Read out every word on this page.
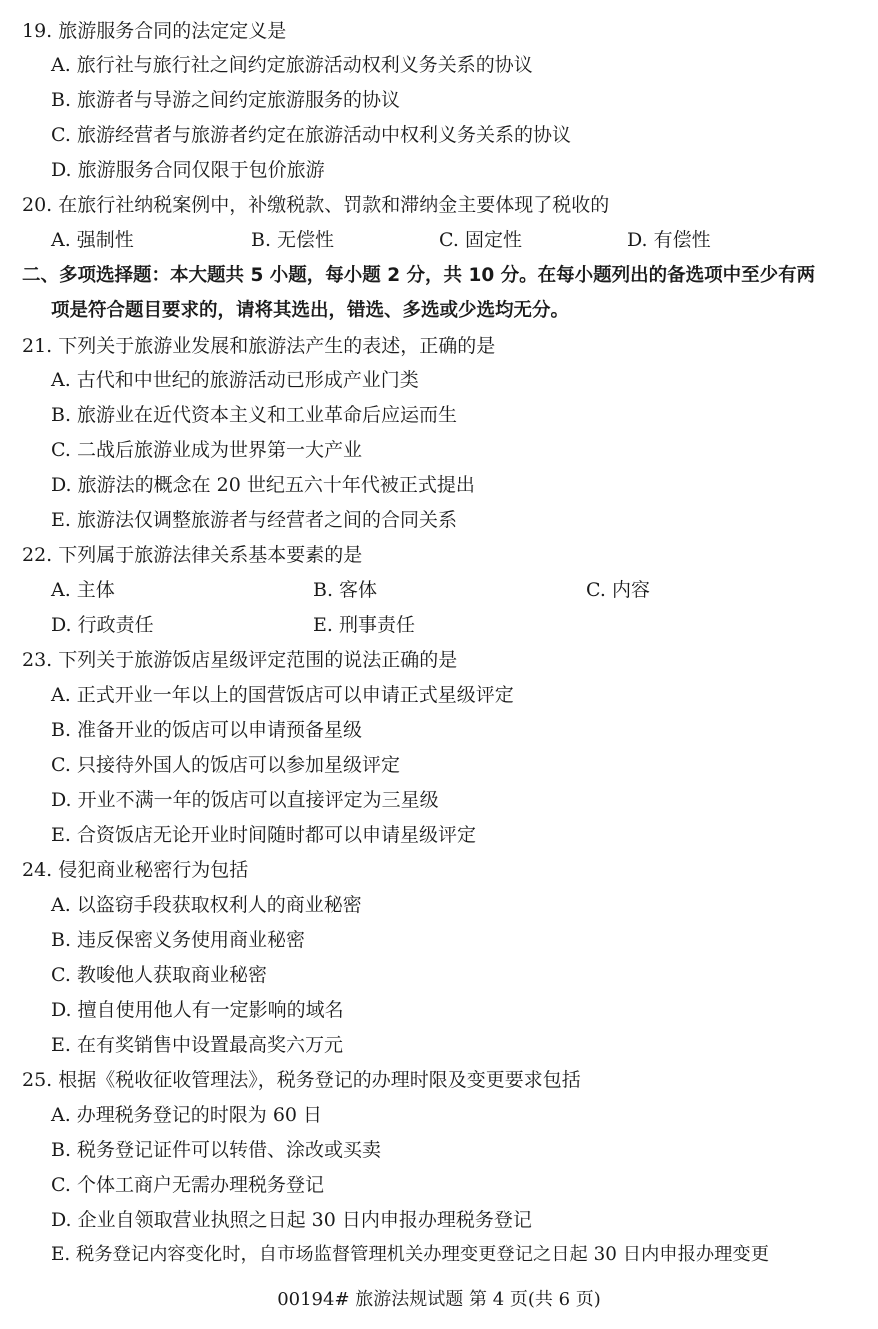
19. 旅游服务合同的法定定义是
A. 旅行社与旅行社之间约定旅游活动权利义务关系的协议
B. 旅游者与导游之间约定旅游服务的协议
C. 旅游经营者与旅游者约定在旅游活动中权利义务关系的协议
D. 旅游服务合同仅限于包价旅游
20. 在旅行社纳税案例中，补缴税款、罚款和滞纳金主要体现了税收的
A. 强制性	B. 无偿性	C. 固定性	D. 有偿性
二、多项选择题：本大题共 5 小题，每小题 2 分，共 10 分。在每小题列出的备选项中至少有两
项是符合题目要求的，请将其选出，错选、多选或少选均无分。
21. 下列关于旅游业发展和旅游法产生的表述，正确的是
A. 古代和中世纪的旅游活动已形成产业门类
B. 旅游业在近代资本主义和工业革命后应运而生
C. 二战后旅游业成为世界第一大产业
D. 旅游法的概念在 20 世纪五六十年代被正式提出
E. 旅游法仅调整旅游者与经营者之间的合同关系
22. 下列属于旅游法律关系基本要素的是
A. 主体	B. 客体	C. 内容
D. 行政责任	E. 刑事责任
23. 下列关于旅游饭店星级评定范围的说法正确的是
A. 正式开业一年以上的国营饭店可以申请正式星级评定
B. 准备开业的饭店可以申请预备星级
C. 只接待外国人的饭店可以参加星级评定
D. 开业不满一年的饭店可以直接评定为三星级
E. 合资饭店无论开业时间随时都可以申请星级评定
24. 侵犯商业秘密行为包括
A. 以盗窃手段获取权利人的商业秘密
B. 违反保密义务使用商业秘密
C. 教唆他人获取商业秘密
D. 擅自使用他人有一定影响的域名
E. 在有奖销售中设置最高奖六万元
25. 根据《税收征收管理法》，税务登记的办理时限及变更要求包括
A. 办理税务登记的时限为 60 日
B. 税务登记证件可以转借、涂改或买卖
C. 个体工商户无需办理税务登记
D. 企业自领取营业执照之日起 30 日内申报办理税务登记
E. 税务登记内容变化时，自市场监督管理机关办理变更登记之日起 30 日内申报办理变更
00194# 旅游法规试题 第 4 页(共 6 页)
